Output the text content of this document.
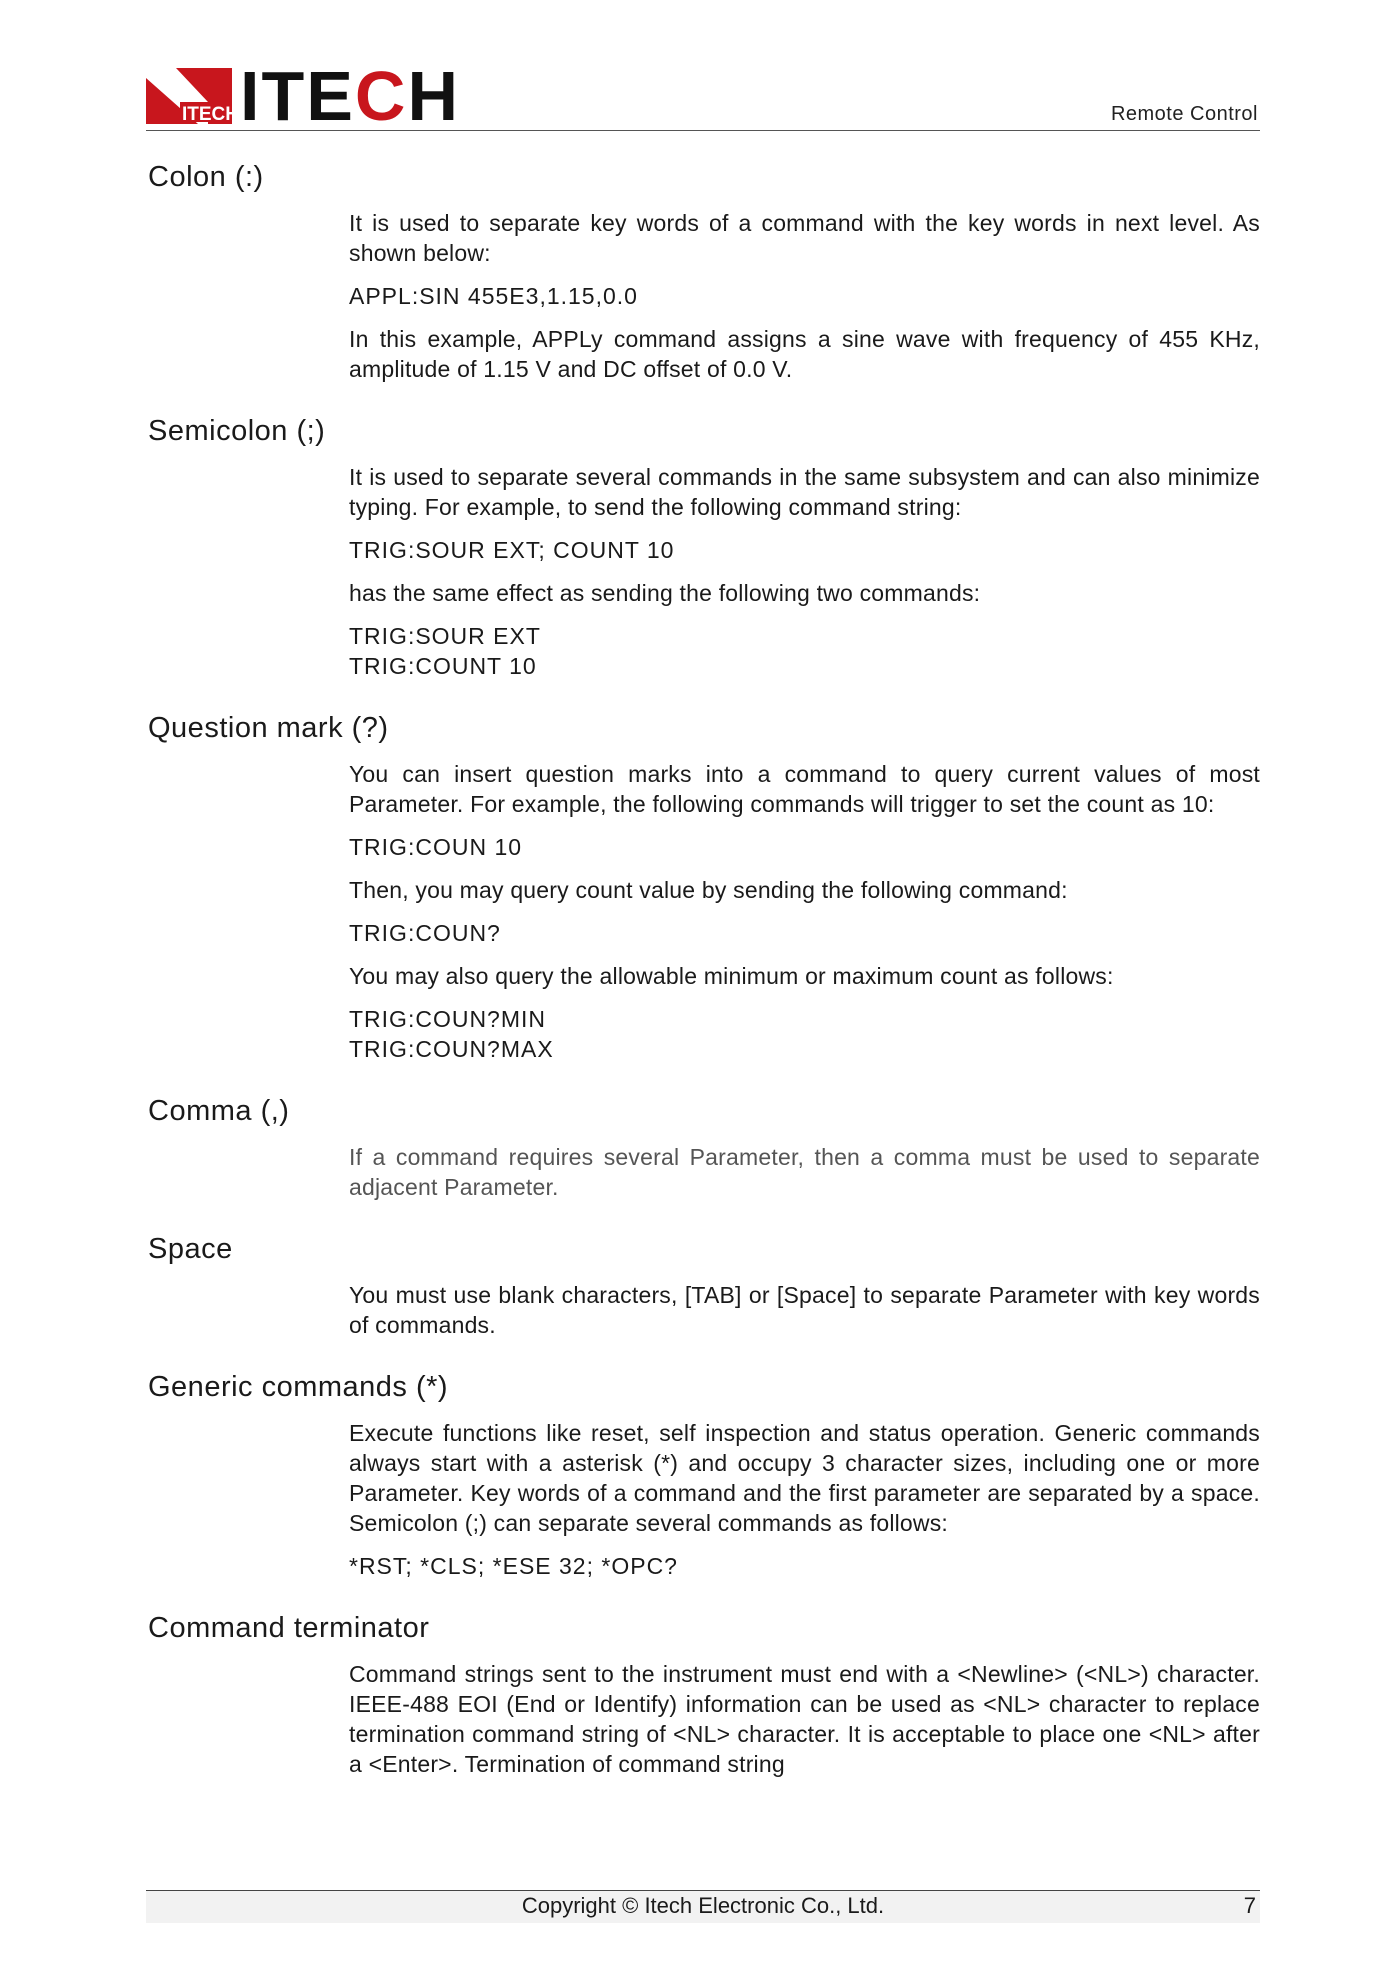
ITECH ITECH	Remote Control
Colon (:)

It is used to separate key words of a command with the key words in next level. As shown below:

APPL:SIN 455E3,1.15,0.0

In this example, APPLy command assigns a sine wave with frequency of 455 KHz, amplitude of 1.15 V and DC offset of 0.0 V.

Semicolon (;)

It is used to separate several commands in the same subsystem and can also minimize typing. For example, to send the following command string:

TRIG:SOUR EXT; COUNT 10

has the same effect as sending the following two commands:

TRIG:SOUR EXT
TRIG:COUNT 10
Question mark (?)

You can insert question marks into a command to query current values of most Parameter. For example, the following commands will trigger to set the count as 10:

TRIG:COUN 10

Then, you may query count value by sending the following command:

TRIG:COUN?

You may also query the allowable minimum or maximum count as follows:

TRIG:COUN?MIN
TRIG:COUN?MAX
Comma (,)

If a command requires several Parameter, then a comma must be used to separate adjacent Parameter.

Space

You must use blank characters, [TAB] or [Space] to separate Parameter with key words of commands.

Generic commands (*)

Execute functions like reset, self inspection and status operation. Generic commands always start with a asterisk (*) and occupy 3 character sizes, including one or more Parameter. Key words of a command and the first parameter are separated by a space. Semicolon (;) can separate several commands as follows:

*RST; *CLS; *ESE 32; *OPC?
Command terminator

Command strings sent to the instrument must end with a <Newline> (<NL>) character. IEEE-488 EOI (End or Identify) information can be used as <NL> character to replace termination command string of <NL> character. It is acceptable to place one <NL> after a <Enter>. Termination of command string

Copyright © Itech Electronic Co., Ltd.	7
